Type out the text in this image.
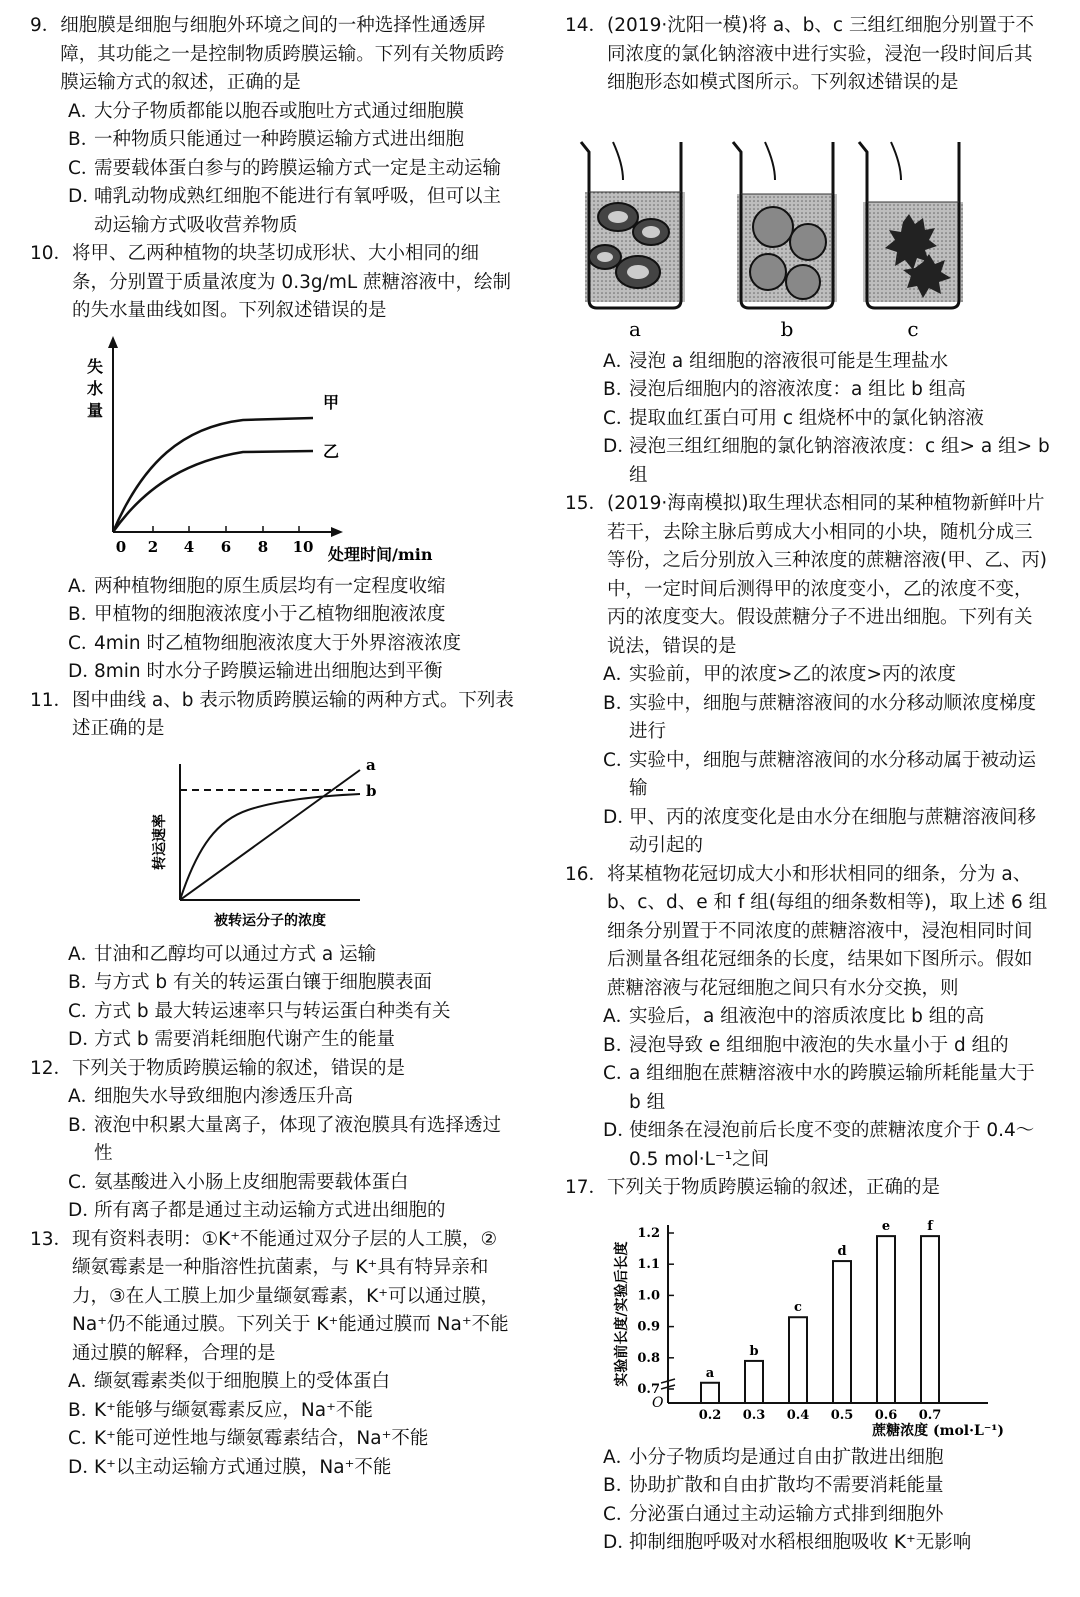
9． 细胞膜是细胞与细胞外环境之间的一种选择性通透屏障，其功能之一是控制物质跨膜运输。下列有关物质跨膜运输方式的叙述，正确的是
A．
大分子物质都能以胞吞或胞吐方式通过细胞膜
B．
一种物质只能通过一种跨膜运输方式进出细胞
C．
需要载体蛋白参与的跨膜运输方式一定是主动运输
D．
哺乳动物成熟红细胞不能进行有氧呼吸，但可以主动运输方式吸收营养物质
10． 将甲、乙两种植物的块茎切成形状、大小相同的细条，分别置于质量浓度为 0.3g/mL 蔗糖溶液中，绘制的失水量曲线如图。下列叙述错误的是
失
水
量
0 2 4 6 8 10 处理时间/min
甲
乙
A．
两种植物细胞的原生质层均有一定程度收缩
B．
甲植物的细胞液浓度小于乙植物细胞液浓度
C．
4min 时乙植物细胞液浓度大于外界溶液浓度
D．
8min 时水分子跨膜运输进出细胞达到平衡
11． 图中曲线 a、b 表示物质跨膜运输的两种方式。下列表述正确的是
转运速率
被转运分子的浓度
a
b
A．
甘油和乙醇均可以通过方式 a 运输
B．
与方式 b 有关的转运蛋白镶于细胞膜表面
C．
方式 b 最大转运速率只与转运蛋白种类有关
D．
方式 b 需要消耗细胞代谢产生的能量
12． 下列关于物质跨膜运输的叙述，错误的是
A．
细胞失水导致细胞内渗透压升高
B．
液泡中积累大量离子，体现了液泡膜具有选择透过性
C．
氨基酸进入小肠上皮细胞需要载体蛋白
D．
所有离子都是通过主动运输方式进出细胞的
13． 现有资料表明：①K⁺不能通过双分子层的人工膜，②缬氨霉素是一种脂溶性抗菌素，与 K⁺具有特异亲和力，③在人工膜上加少量缬氨霉素，K⁺可以通过膜，Na⁺仍不能通过膜。下列关于 K⁺能通过膜而 Na⁺不能通过膜的解释，合理的是
A．
缬氨霉素类似于细胞膜上的受体蛋白
B．
K⁺能够与缬氨霉素反应，Na⁺不能
C．
K⁺能可逆性地与缬氨霉素结合，Na⁺不能
D．
K⁺以主动运输方式通过膜，Na⁺不能
14． (2019·沈阳一模)将 a、b、c 三组红细胞分别置于不同浓度的氯化钠溶液中进行实验，浸泡一段时间后其细胞形态如模式图所示。下列叙述错误的是
a	b	c
A．
浸泡 a 组细胞的溶液很可能是生理盐水
B．
浸泡后细胞内的溶液浓度：a 组比 b 组高
C．
提取血红蛋白可用 c 组烧杯中的氯化钠溶液
D．
浸泡三组红细胞的氯化钠溶液浓度：c 组> a 组> b 组
15． (2019·海南模拟)取生理状态相同的某种植物新鲜叶片若干，去除主脉后剪成大小相同的小块，随机分成三等份，之后分别放入三种浓度的蔗糖溶液(甲、乙、丙)中，一定时间后测得甲的浓度变小，乙的浓度不变，丙的浓度变大。假设蔗糖分子不进出细胞。下列有关说法，错误的是
A．
实验前，甲的浓度>乙的浓度>丙的浓度
B．
实验中，细胞与蔗糖溶液间的水分移动顺浓度梯度进行
C．
实验中，细胞与蔗糖溶液间的水分移动属于被动运输
D．
甲、丙的浓度变化是由水分在细胞与蔗糖溶液间移动引起的
16． 将某植物花冠切成大小和形状相同的细条，分为 a、b、c、d、e 和 f 组(每组的细条数相等)，取上述 6 组细条分别置于不同浓度的蔗糖溶液中，浸泡相同时间后测量各组花冠细条的长度，结果如下图所示。假如蔗糖溶液与花冠细胞之间只有水分交换，则
A．
实验后，a 组液泡中的溶质浓度比 b 组的高
B．
浸泡导致 e 组细胞中液泡的失水量小于 d 组的
C．
a 组细胞在蔗糖溶液中水的跨膜运输所耗能量大于 b 组
D．
使细条在浸泡前后长度不变的蔗糖浓度介于 0.4～0.5 mol·L⁻¹之间
17． 下列关于物质跨膜运输的叙述，正确的是
0.7
0.8
0.9
1.0
1.1
1.2
O
a
0.2
b
0.3
c
0.4
d
0.5
e
0.6
f
0.7
实验前长度/实验后长度
蔗糖浓度 (mol·L⁻¹)
A．
小分子物质均是通过自由扩散进出细胞
B．
协助扩散和自由扩散均不需要消耗能量
C．
分泌蛋白通过主动运输方式排到细胞外
D．
抑制细胞呼吸对水稻根细胞吸收 K⁺无影响
